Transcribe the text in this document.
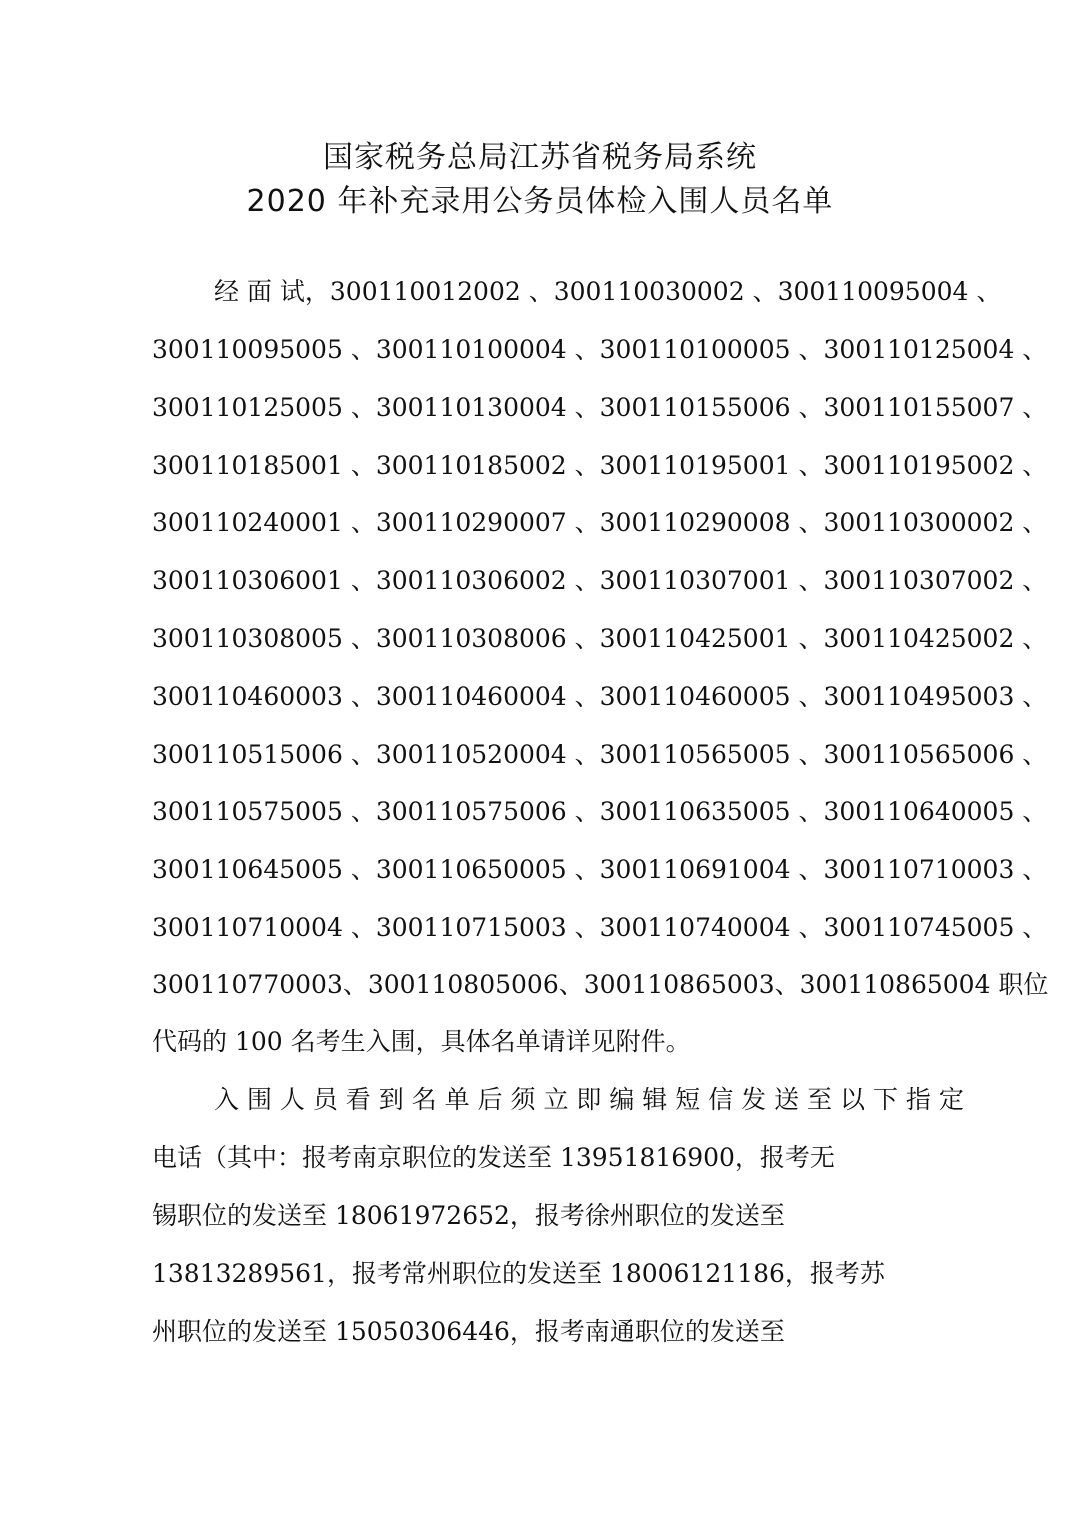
国家税务总局江苏省税务局系统
2020 年补充录用公务员体检入围人员名单
经 面 试， 300110012002 、 300110030002 、 300110095004 、
300110095005 、 300110100004 、 300110100005 、 300110125004 、
300110125005 、 300110130004 、 300110155006 、 300110155007 、
300110185001 、 300110185002 、 300110195001 、 300110195002 、
300110240001 、 300110290007 、 300110290008 、 300110300002 、
300110306001 、 300110306002 、 300110307001 、 300110307002 、
300110308005 、 300110308006 、 300110425001 、 300110425002 、
300110460003 、 300110460004 、 300110460005 、 300110495003 、
300110515006 、 300110520004 、 300110565005 、 300110565006 、
300110575005 、 300110575006 、 300110635005 、 300110640005 、
300110645005 、 300110650005 、 300110691004 、 300110710003 、
300110710004 、 300110715003 、 300110740004 、 300110745005 、
300110770003、300110805006、300110865003、300110865004 职位
代码的 100 名考生入围，具体名单请详见附件。
入 围 人 员 看 到 名 单 后 须 立 即 编 辑 短 信 发 送 至 以 下 指 定
电话（其中：报考南京职位的发送至 13951816900，报考无
锡职位的发送至 18061972652，报考徐州职位的发送至
13813289561，报考常州职位的发送至 18006121186，报考苏
州职位的发送至 15050306446，报考南通职位的发送至
